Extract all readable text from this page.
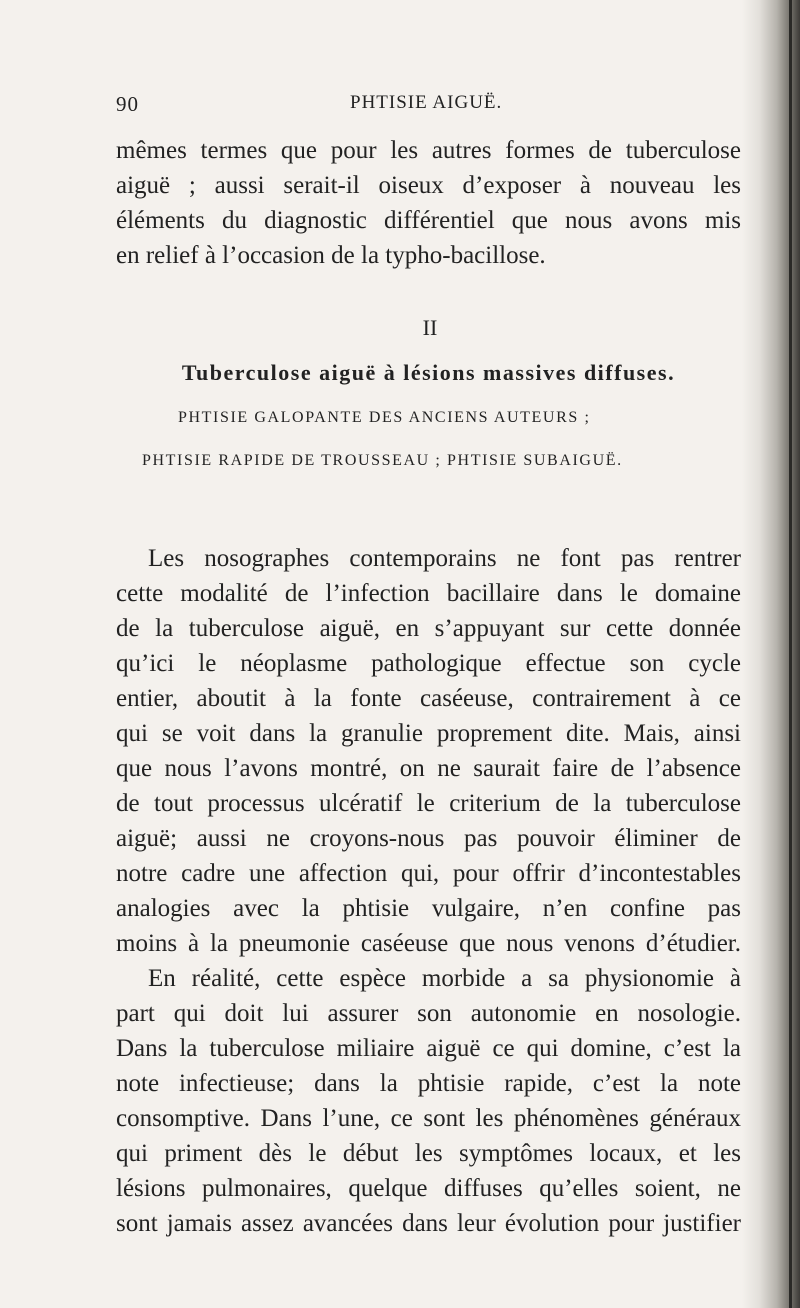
90	PHTISIE AIGUË.
mêmes termes que pour les autres formes de tuberculose
aiguë ; aussi serait-il oiseux d’exposer à nouveau les
éléments du diagnostic différentiel que nous avons mis
en relief à l’occasion de la typho-bacillose.
II
Tuberculose aiguë à lésions massives diffuses.
PHTISIE GALOPANTE DES ANCIENS AUTEURS ;
PHTISIE RAPIDE DE TROUSSEAU ; PHTISIE SUBAIGUË.
Les nosographes contemporains ne font pas rentrer
cette modalité de l’infection bacillaire dans le domaine
de la tuberculose aiguë, en s’appuyant sur cette donnée
qu’ici le néoplasme pathologique effectue son cycle
entier, aboutit à la fonte caséeuse, contrairement à ce
qui se voit dans la granulie proprement dite. Mais, ainsi
que nous l’avons montré, on ne saurait faire de l’absence
de tout processus ulcératif le criterium de la tuberculose
aiguë; aussi ne croyons-nous pas pouvoir éliminer de
notre cadre une affection qui, pour offrir d’incontestables
analogies avec la phtisie vulgaire, n’en confine pas
moins à la pneumonie caséeuse que nous venons d’étudier.
En réalité, cette espèce morbide a sa physionomie à
part qui doit lui assurer son autonomie en nosologie.
Dans la tuberculose miliaire aiguë ce qui domine, c’est la
note infectieuse; dans la phtisie rapide, c’est la note
consomptive. Dans l’une, ce sont les phénomènes généraux
qui priment dès le début les symptômes locaux, et les
lésions pulmonaires, quelque diffuses qu’elles soient, ne
sont jamais assez avancées dans leur évolution pour justifier
